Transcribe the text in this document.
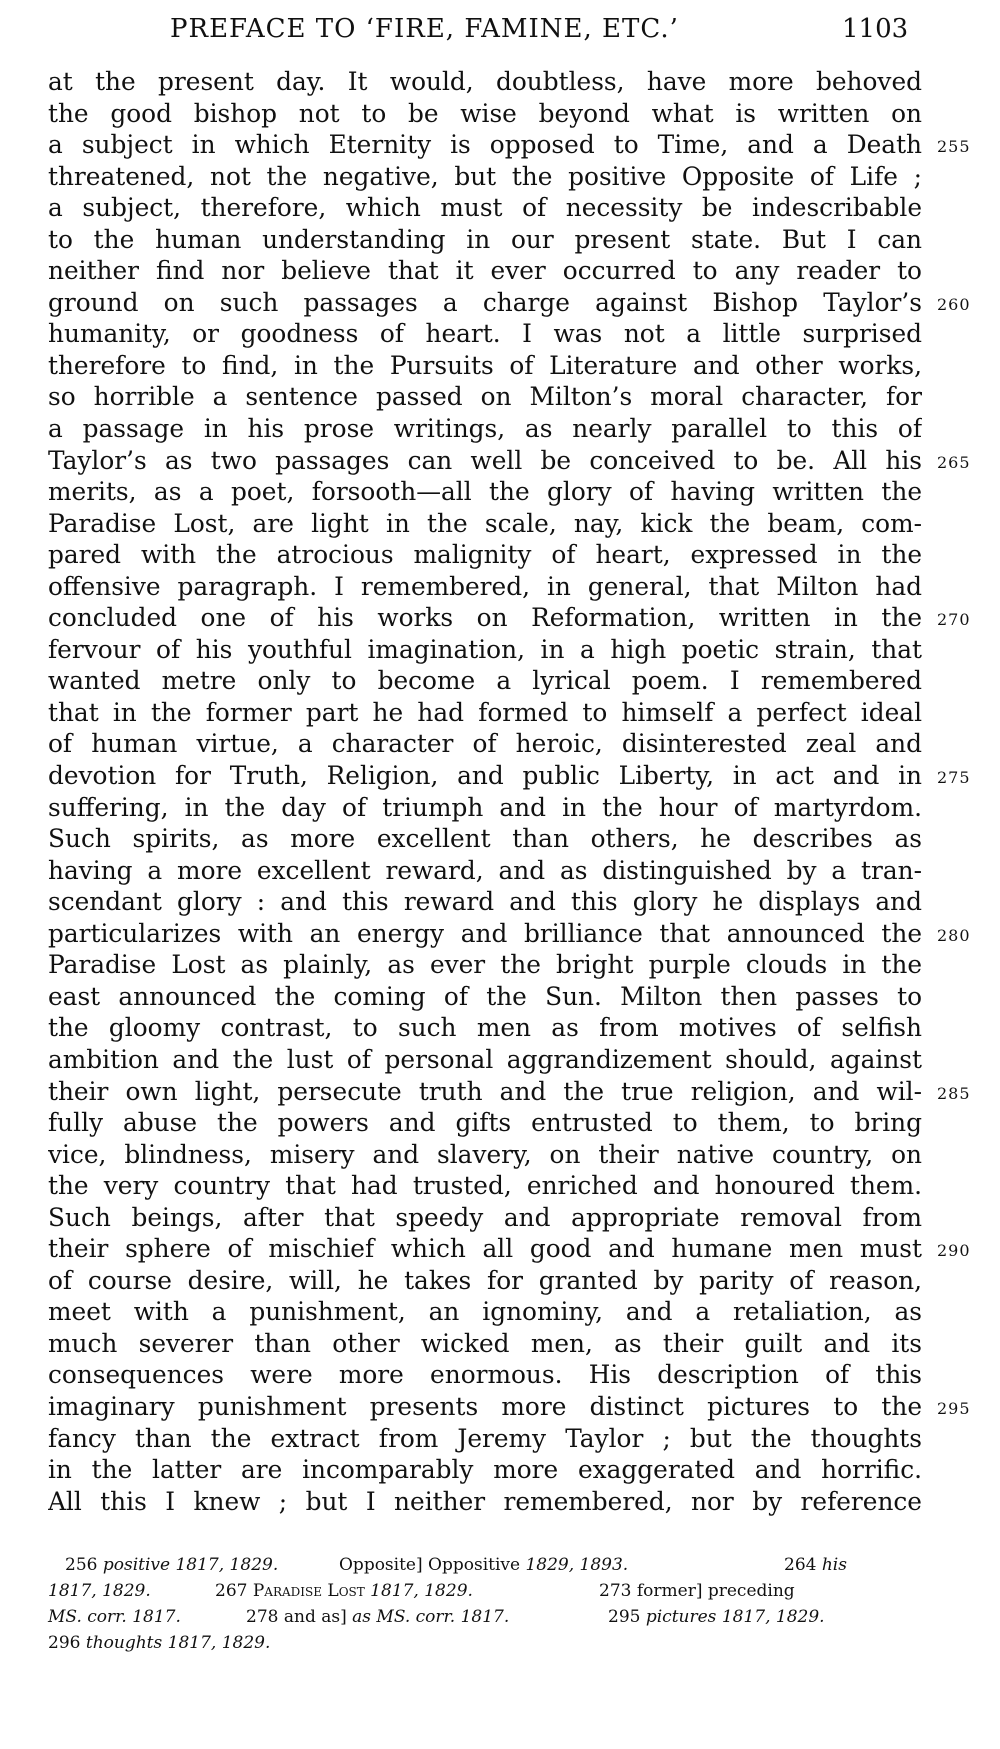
PREFACE TO ‘FIRE, FAMINE, ETC.’	1103
at the present day. It would, doubtless, have more behoved
the good bishop not to be wise beyond what is written on
a subject in which Eternity is opposed to Time, and a Death 255
threatened, not the negative, but the positive Opposite of Life ;
a subject, therefore, which must of necessity be indescribable
to the human understanding in our present state. But I can
neither find nor believe that it ever occurred to any reader to
ground on such passages a charge against Bishop Taylor’s 260
humanity, or goodness of heart. I was not a little surprised
therefore to find, in the Pursuits of Literature and other works,
so horrible a sentence passed on Milton’s moral character, for
a passage in his prose writings, as nearly parallel to this of
Taylor’s as two passages can well be conceived to be. All his 265
merits, as a poet, forsooth—all the glory of having written the
Paradise Lost, are light in the scale, nay, kick the beam, com-
pared with the atrocious malignity of heart, expressed in the
offensive paragraph. I remembered, in general, that Milton had
concluded one of his works on Reformation, written in the 270
fervour of his youthful imagination, in a high poetic strain, that
wanted metre only to become a lyrical poem. I remembered
that in the former part he had formed to himself a perfect ideal
of human virtue, a character of heroic, disinterested zeal and
devotion for Truth, Religion, and public Liberty, in act and in 275
suffering, in the day of triumph and in the hour of martyrdom.
Such spirits, as more excellent than others, he describes as
having a more excellent reward, and as distinguished by a tran-
scendant glory : and this reward and this glory he displays and
particularizes with an energy and brilliance that announced the 280
Paradise Lost as plainly, as ever the bright purple clouds in the
east announced the coming of the Sun. Milton then passes to
the gloomy contrast, to such men as from motives of selfish
ambition and the lust of personal aggrandizement should, against
their own light, persecute truth and the true religion, and wil- 285
fully abuse the powers and gifts entrusted to them, to bring
vice, blindness, misery and slavery, on their native country, on
the very country that had trusted, enriched and honoured them.
Such beings, after that speedy and appropriate removal from
their sphere of mischief which all good and humane men must 290
of course desire, will, he takes for granted by parity of reason,
meet with a punishment, an ignominy, and a retaliation, as
much severer than other wicked men, as their guilt and its
consequences were more enormous. His description of this
imaginary punishment presents more distinct pictures to the 295
fancy than the extract from Jeremy Taylor ; but the thoughts
in the latter are incomparably more exaggerated and horrific.
All this I knew ; but I neither remembered, nor by reference
256 positive 1817, 1829.	Opposite] Oppositive 1829, 1893.	264 his
1817, 1829.	267 Paradise Lost 1817, 1829.	273 former] preceding
MS. corr. 1817.	278 and as] as MS. corr. 1817.	295 pictures 1817, 1829.
296 thoughts 1817, 1829.
